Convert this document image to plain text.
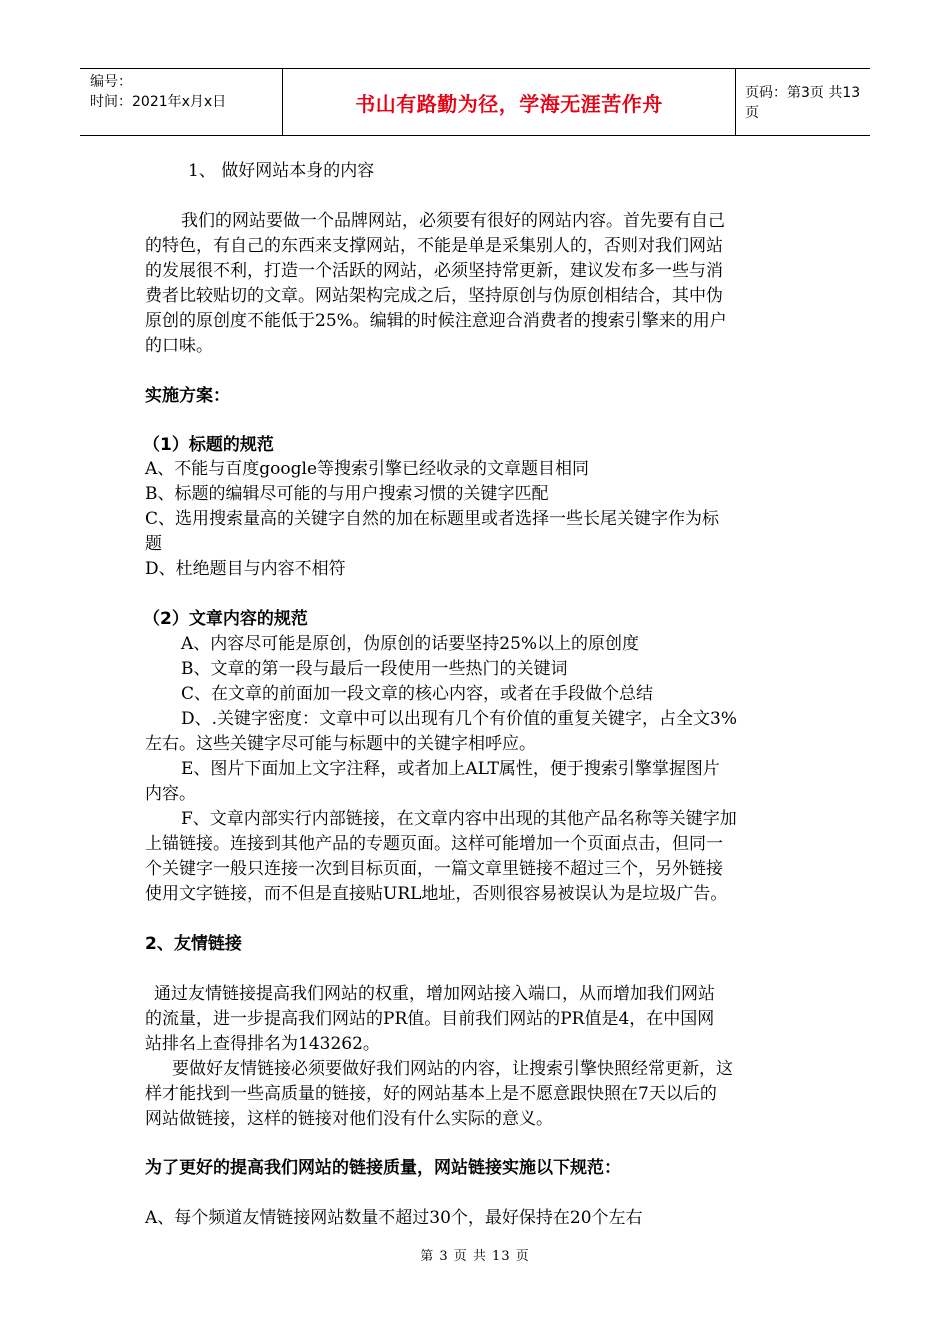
编号：
时间：2021年x月x日	书山有路勤为径，学海无涯苦作舟	页码：第3页 共13页
1、 做好网站本身的内容
我们的网站要做一个品牌网站，必须要有很好的网站内容。首先要有自己
的特色，有自己的东西来支撑网站，不能是单是采集别人的，否则对我们网站
的发展很不利，打造一个活跃的网站，必须坚持常更新，建议发布多一些与消
费者比较贴切的文章。网站架构完成之后，坚持原创与伪原创相结合，其中伪
原创的原创度不能低于25%。编辑的时候注意迎合消费者的搜索引擎来的用户
的口味。
实施方案：
（1）标题的规范
A、不能与百度google等搜索引擎已经收录的文章题目相同
B、标题的编辑尽可能的与用户搜索习惯的关键字匹配
C、选用搜索量高的关键字自然的加在标题里或者选择一些长尾关键字作为标
题
D、杜绝题目与内容不相符
（2）文章内容的规范
A、内容尽可能是原创，伪原创的话要坚持25%以上的原创度
B、文章的第一段与最后一段使用一些热门的关键词
C、在文章的前面加一段文章的核心内容，或者在手段做个总结
D、.关键字密度：文章中可以出现有几个有价值的重复关键字，占全文3%
左右。这些关键字尽可能与标题中的关键字相呼应。
E、图片下面加上文字注释，或者加上ALT属性，便于搜索引擎掌握图片
内容。
F、文章内部实行内部链接，在文章内容中出现的其他产品名称等关键字加
上锚链接。连接到其他产品的专题页面。这样可能增加一个页面点击，但同一
个关键字一般只连接一次到目标页面，一篇文章里链接不超过三个，另外链接
使用文字链接，而不但是直接贴URL地址，否则很容易被误认为是垃圾广告。
2、友情链接
通过友情链接提高我们网站的权重，增加网站接入端口，从而增加我们网站
的流量，进一步提高我们网站的PR值。目前我们网站的PR值是4，在中国网
站排名上查得排名为143262。
要做好友情链接必须要做好我们网站的内容，让搜索引擎快照经常更新，这
样才能找到一些高质量的链接，好的网站基本上是不愿意跟快照在7天以后的
网站做链接，这样的链接对他们没有什么实际的意义。
为了更好的提高我们网站的链接质量，网站链接实施以下规范：
A、每个频道友情链接网站数量不超过30个，最好保持在20个左右
第 3 页 共 13 页
